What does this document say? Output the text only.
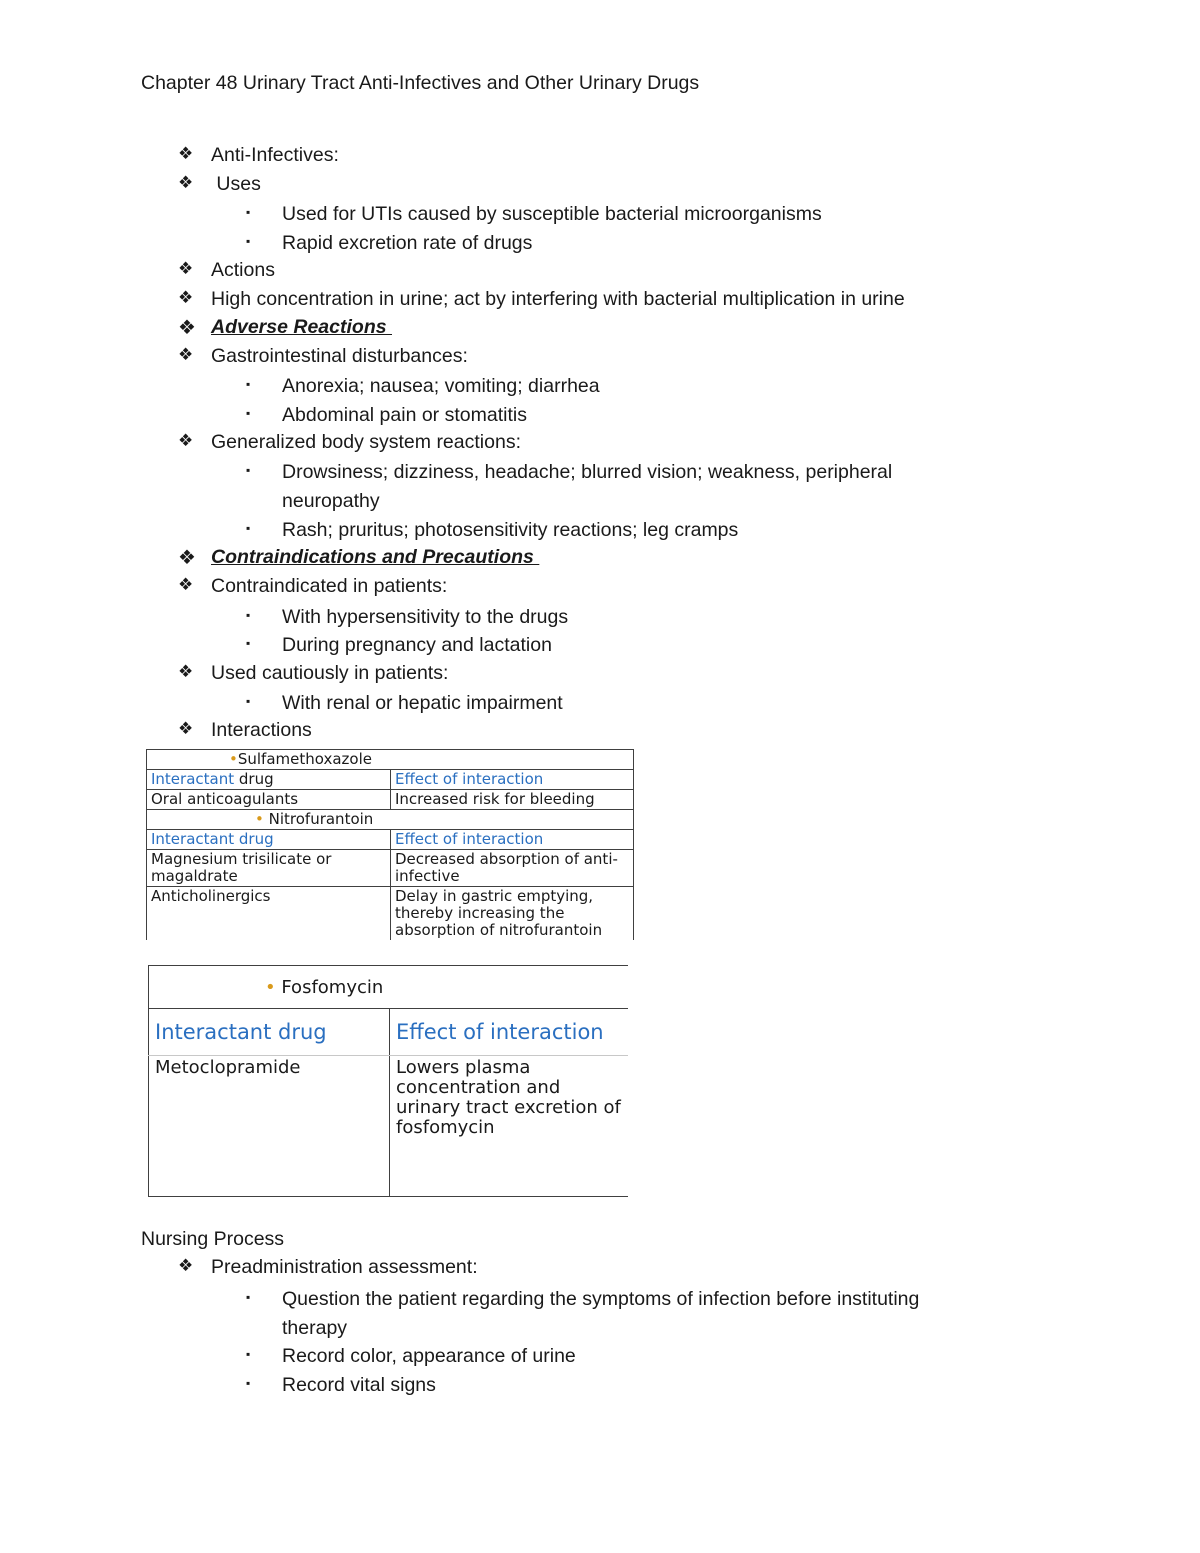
Chapter 48 Urinary Tract Anti-Infectives and Other Urinary Drugs
❖ Anti-Infectives:
❖ Uses
▪	Used for UTIs caused by susceptible bacterial microorganisms
▪	Rapid excretion rate of drugs
❖ Actions
❖ High concentration in urine; act by interfering with bacterial multiplication in urine
❖ Adverse Reactions
❖ Gastrointestinal disturbances:
▪	Anorexia; nausea; vomiting; diarrhea
▪	Abdominal pain or stomatitis
❖ Generalized body system reactions:
▪	Drowsiness; dizziness, headache; blurred vision; weakness, peripheral
neuropathy
▪	Rash; pruritus; photosensitivity reactions; leg cramps
❖ Contraindications and Precautions
❖ Contraindicated in patients:
▪	With hypersensitivity to the drugs
▪	During pregnancy and lactation
❖ Used cautiously in patients:
▪	With renal or hepatic impairment
❖ Interactions
•Sulfamethoxazole	
Interactant drug	Effect of interaction
Oral anticoagulants	Increased risk for bleeding
• Nitrofurantoin	
Interactant drug	Effect of interaction
Magnesium trisilicate or magaldrate	Decreased absorption of anti-infective
Anticholinergics	Delay in gastric emptying, thereby increasing the absorption of nitrofurantoin
• Fosfomycin	
Interactant drug	Effect of interaction
Metoclopramide	Lowers plasma concentration and urinary tract excretion of fosfomycin
Nursing Process
❖ Preadministration assessment:
▪	Question the patient regarding the symptoms of infection before instituting
therapy
▪	Record color, appearance of urine
▪	Record vital signs
